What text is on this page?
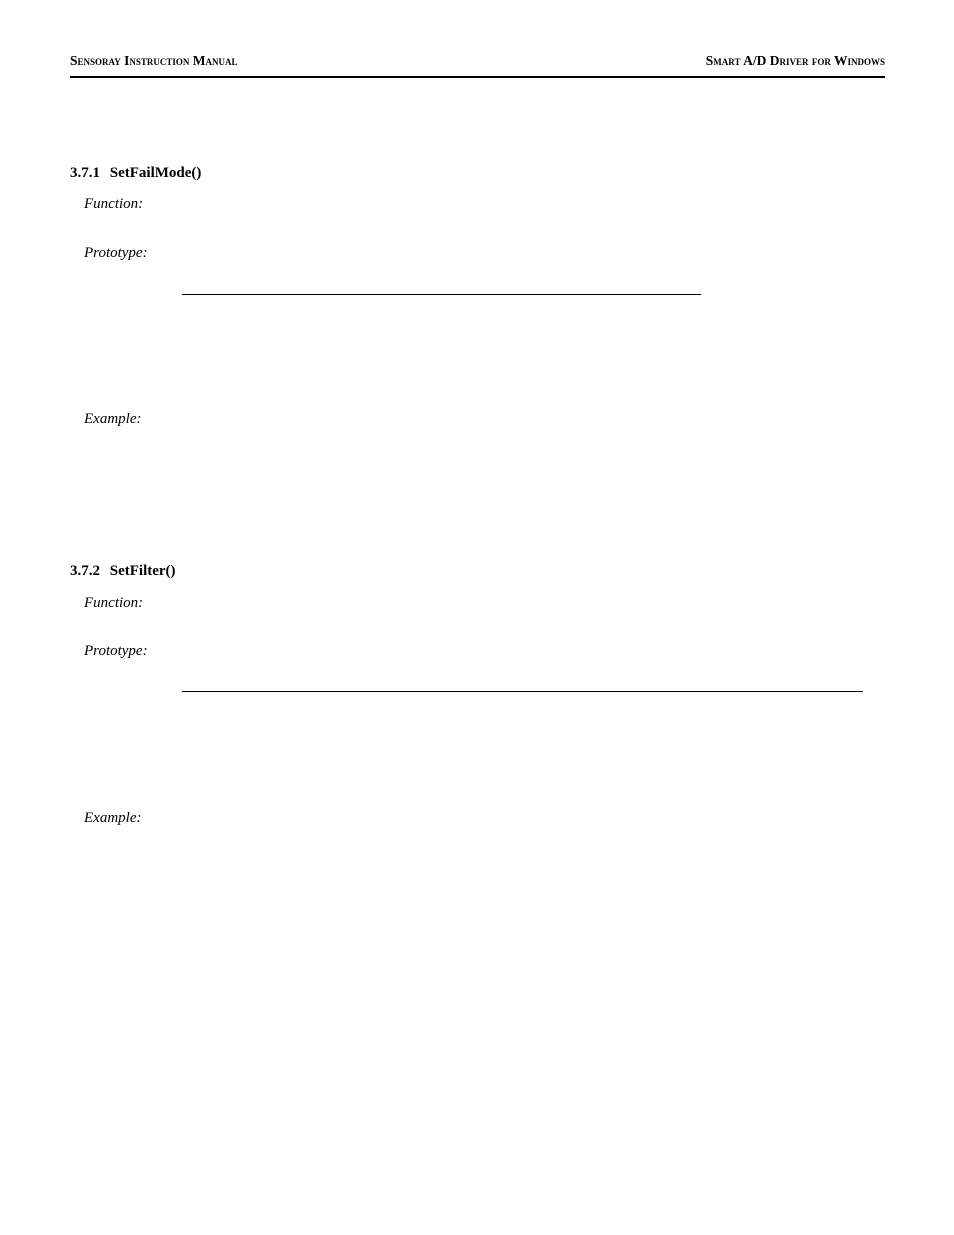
Sensoray Instruction Manual	Smart A/D Driver for Windows
3.7.1 SetFailMode()
Function:
Prototype:
Example:
3.7.2 SetFilter()
Function:
Prototype:
Example:
